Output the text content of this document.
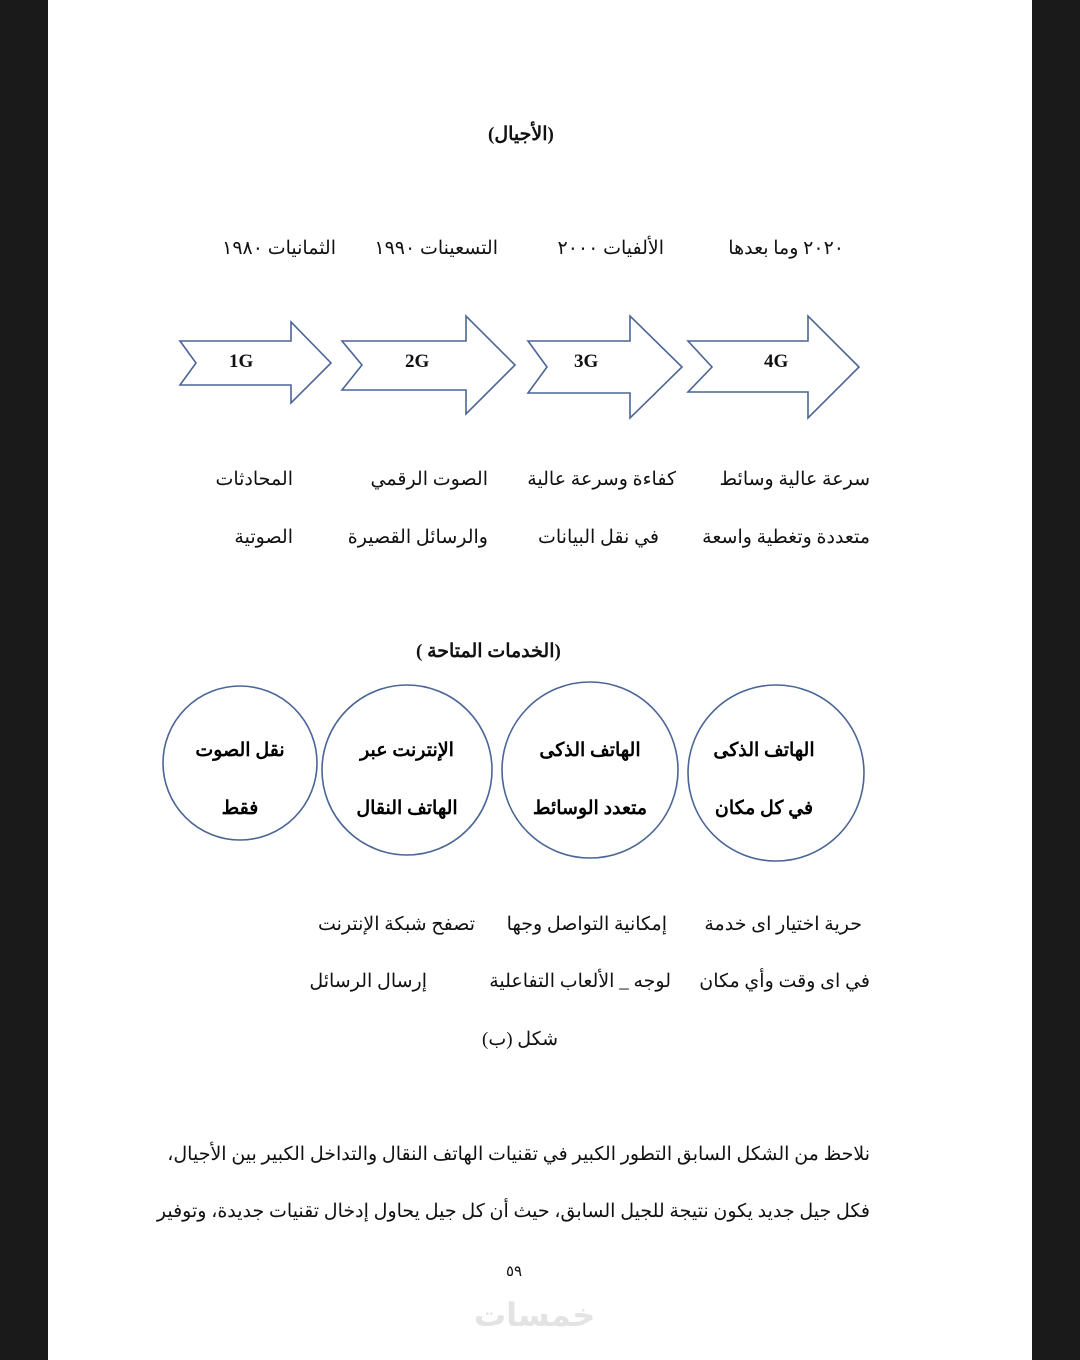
(الأجيال)
الثمانيات ١٩٨٠ التسعينات ١٩٩٠	الألفيات ٢٠٠٠	٢٠٢٠ وما بعدها
1G	2G	3G	4G
المحادثات
الصوتية
الصوت الرقمي
والرسائل القصيرة
كفاءة وسرعة عالية
في نقل البيانات
سرعة عالية وسائط
متعددة وتغطية واسعة
(الخدمات المتاحة )
نقل الصوت
فقط
الإنترنت عبر
الهاتف النقال
الهاتف الذكى
متعدد الوسائط
الهاتف الذكى
في كل مكان
تصفح شبكة الإنترنت
إرسال الرسائل
إمكانية التواصل وجها
لوجه _ الألعاب التفاعلية
حرية اختيار اى خدمة
في اى وقت وأي مكان
شكل (ب)
نلاحظ من الشكل السابق التطور الكبير في تقنيات الهاتف النقال والتداخل الكبير بين الأجيال،
فكل جيل جديد يكون نتيجة للجيل السابق، حيث أن كل جيل يحاول إدخال تقنيات جديدة، وتوفير
٥٩
خمسات
